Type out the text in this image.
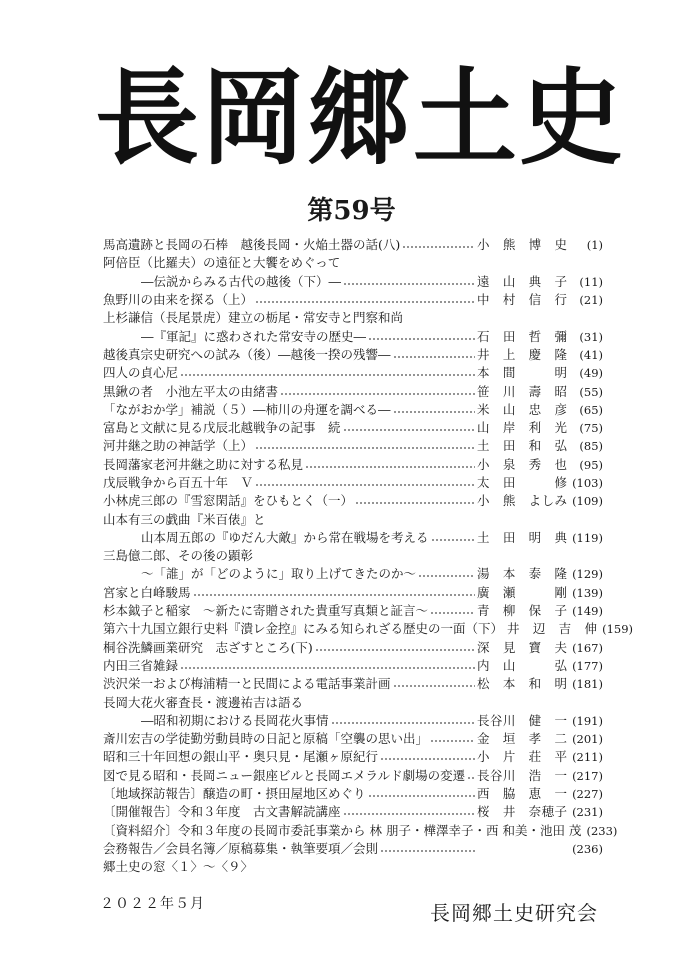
長岡郷土史
第59号
馬高遺跡と長岡の石棒　越後長岡・火焔土器の話(八)	小　熊　博　史	(1)
阿倍臣（比羅夫）の遠征と大饗をめぐって
―伝説からみる古代の越後（下）―	遠　山　典　子	(11)
魚野川の由来を探る（上）	中　村　信　行	(21)
上杉謙信（長尾景虎）建立の栃尾・常安寺と門察和尚
―『軍記』に惑わされた常安寺の歴史―	石　田　哲　彌	(31)
越後真宗史研究への試み（後）―越後一揆の残響―	井　上　慶　隆	(41)
四人の貞心尼	本　間　　　明	(49)
黒鍬の者　小池左平太の由緒書	笹　川　壽　昭	(55)
「ながおか学」補説（５）―柿川の舟運を調べる―	米　山　忠　彦	(65)
富島と文献に見る戊辰北越戦争の記事　続	山　岸　利　光	(75)
河井継之助の神話学（上）	土　田　和　弘	(85)
長岡藩家老河井継之助に対する私見	小　泉　秀　也	(95)
戊辰戦争から百五十年　Ｖ	太　田　　　修 (103)
小林虎三郎の『雪窓閑話』をひもとく（一）	小　熊　よしみ (109)
山本有三の戯曲『米百俵』と
山本周五郎の『ゆだん大敵』から常在戦場を考える	土　田　明　典 (119)
三島億二郎、その後の顕彰
～「誰」が「どのように」取り上げてきたのか～	湯　本　泰　隆 (129)
宮家と白峰駿馬	廣　瀬　　　剛 (139)
杉本鉞子と稲家　～新たに寄贈された貴重写真類と証言～	青　柳　保　子 (149)
第六十九国立銀行史料『潰レ金控』にみる知られざる歴史の一面（下） 井　辺　吉　伸 (159)
桐谷洗鱗画業研究　志ざすところ(下)	深　見　寶　夫 (167)
内田三省雑録	内　山　　　弘 (177)
渋沢栄一および梅浦精一と民間による電話事業計画	松　本　和　明 (181)
長岡大花火審査長・渡邊祐吉は語る
―昭和初期における長岡花火事情	長谷川　健　一 (191)
斎川宏吉の学徒勤労動員時の日記と原稿「空襲の思い出」	金　垣　孝　二 (201)
昭和三十年回想の銀山平・奥只見・尾瀬ヶ原紀行	小　片　荘　平 (211)
図で見る昭和・長岡ニュー銀座ビルと長岡エメラルド劇場の変遷 長谷川　浩　一 (217)
〔地域探訪報告〕醸造の町・摂田屋地区めぐり	西　脇　恵　一 (227)
〔開催報告〕令和３年度　古文書解読講座	桜　井　奈穂子 (231)
〔資料紹介〕令和３年度の長岡市委託事業から 林 朋子・樺澤幸子・西 和美・池田 茂 (233)
会務報告／会員名簿／原稿募集・執筆要項／会則	(236)
郷土史の窓〈１〉～〈９〉
２０２２年５月	長岡郷土史研究会
